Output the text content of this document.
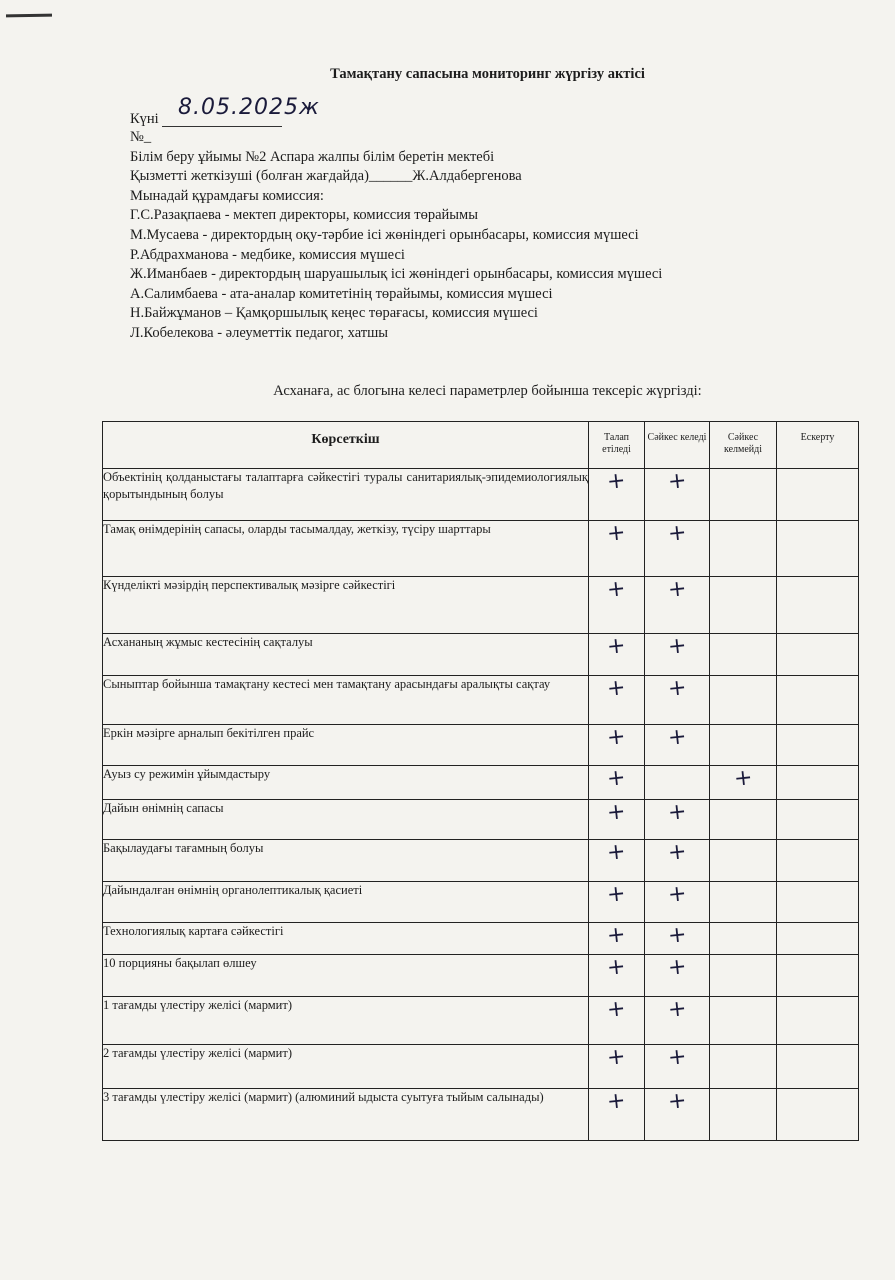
Тамақтану сапасына мониторинг жүргізу актісі
Күні 8.05.2025ж
№_
Білім беру ұйымы №2 Аспара жалпы білім беретін мектебі
Қызметті жеткізуші (болған жағдайда)______Ж.Алдабергенова
Мынадай құрамдағы комиссия:
Г.С.Разақпаева - мектеп директоры, комиссия төрайымы
М.Мусаева - директордың оқу-тәрбие ісі жөніндегі орынбасары, комиссия мүшесі
Р.Абдрахманова - медбике, комиссия мүшесі
Ж.Иманбаев - директордың шаруашылық ісі жөніндегі орынбасары, комиссия мүшесі
А.Салимбаева - ата-аналар комитетінің төрайымы, комиссия мүшесі
Н.Байжұманов – Қамқоршылық кеңес төрағасы, комиссия мүшесі
Л.Кобелекова - әлеуметтік педагог, хатшы
Асханаға, ас блогына келесі параметрлер бойынша тексеріс жүргізді:
Көрсеткіш	Талап етіледі	Сәйкес келеді	Сәйкес келмейді	Ескерту
Объектінің қолданыстағы талаптарға сәйкестігі туралы санитариялық-эпидемиологиялық қорытындының болуы	+	+		
Тамақ өнімдерінің сапасы, оларды тасымалдау, жеткізу, түсіру шарттары	+	+		
Күнделікті мәзірдің перспективалық мәзірге сәйкестігі	+	+		
Асхананың жұмыс кестесінің сақталуы	+	+		
Сыныптар бойынша тамақтану кестесі мен тамақтану арасындағы аралықты сақтау	+	+		
Еркін мәзірге арналып бекітілген прайс	+	+		
Ауыз су режимін ұйымдастыру	+		+	
Дайын өнімнің сапасы	+	+		
Бақылаудағы тағамның болуы	+	+		
Дайындалған өнімнің органолептикалық қасиеті	+	+		
Технологиялық картаға сәйкестігі	+	+		
10 порцияны бақылап өлшеу	+	+		
1 тағамды үлестіру желісі (мармит)	+	+		
2 тағамды үлестіру желісі (мармит)	+	+		
3 тағамды үлестіру желісі (мармит) (алюминий ыдыста суытуға тыйым салынады)	+	+		
